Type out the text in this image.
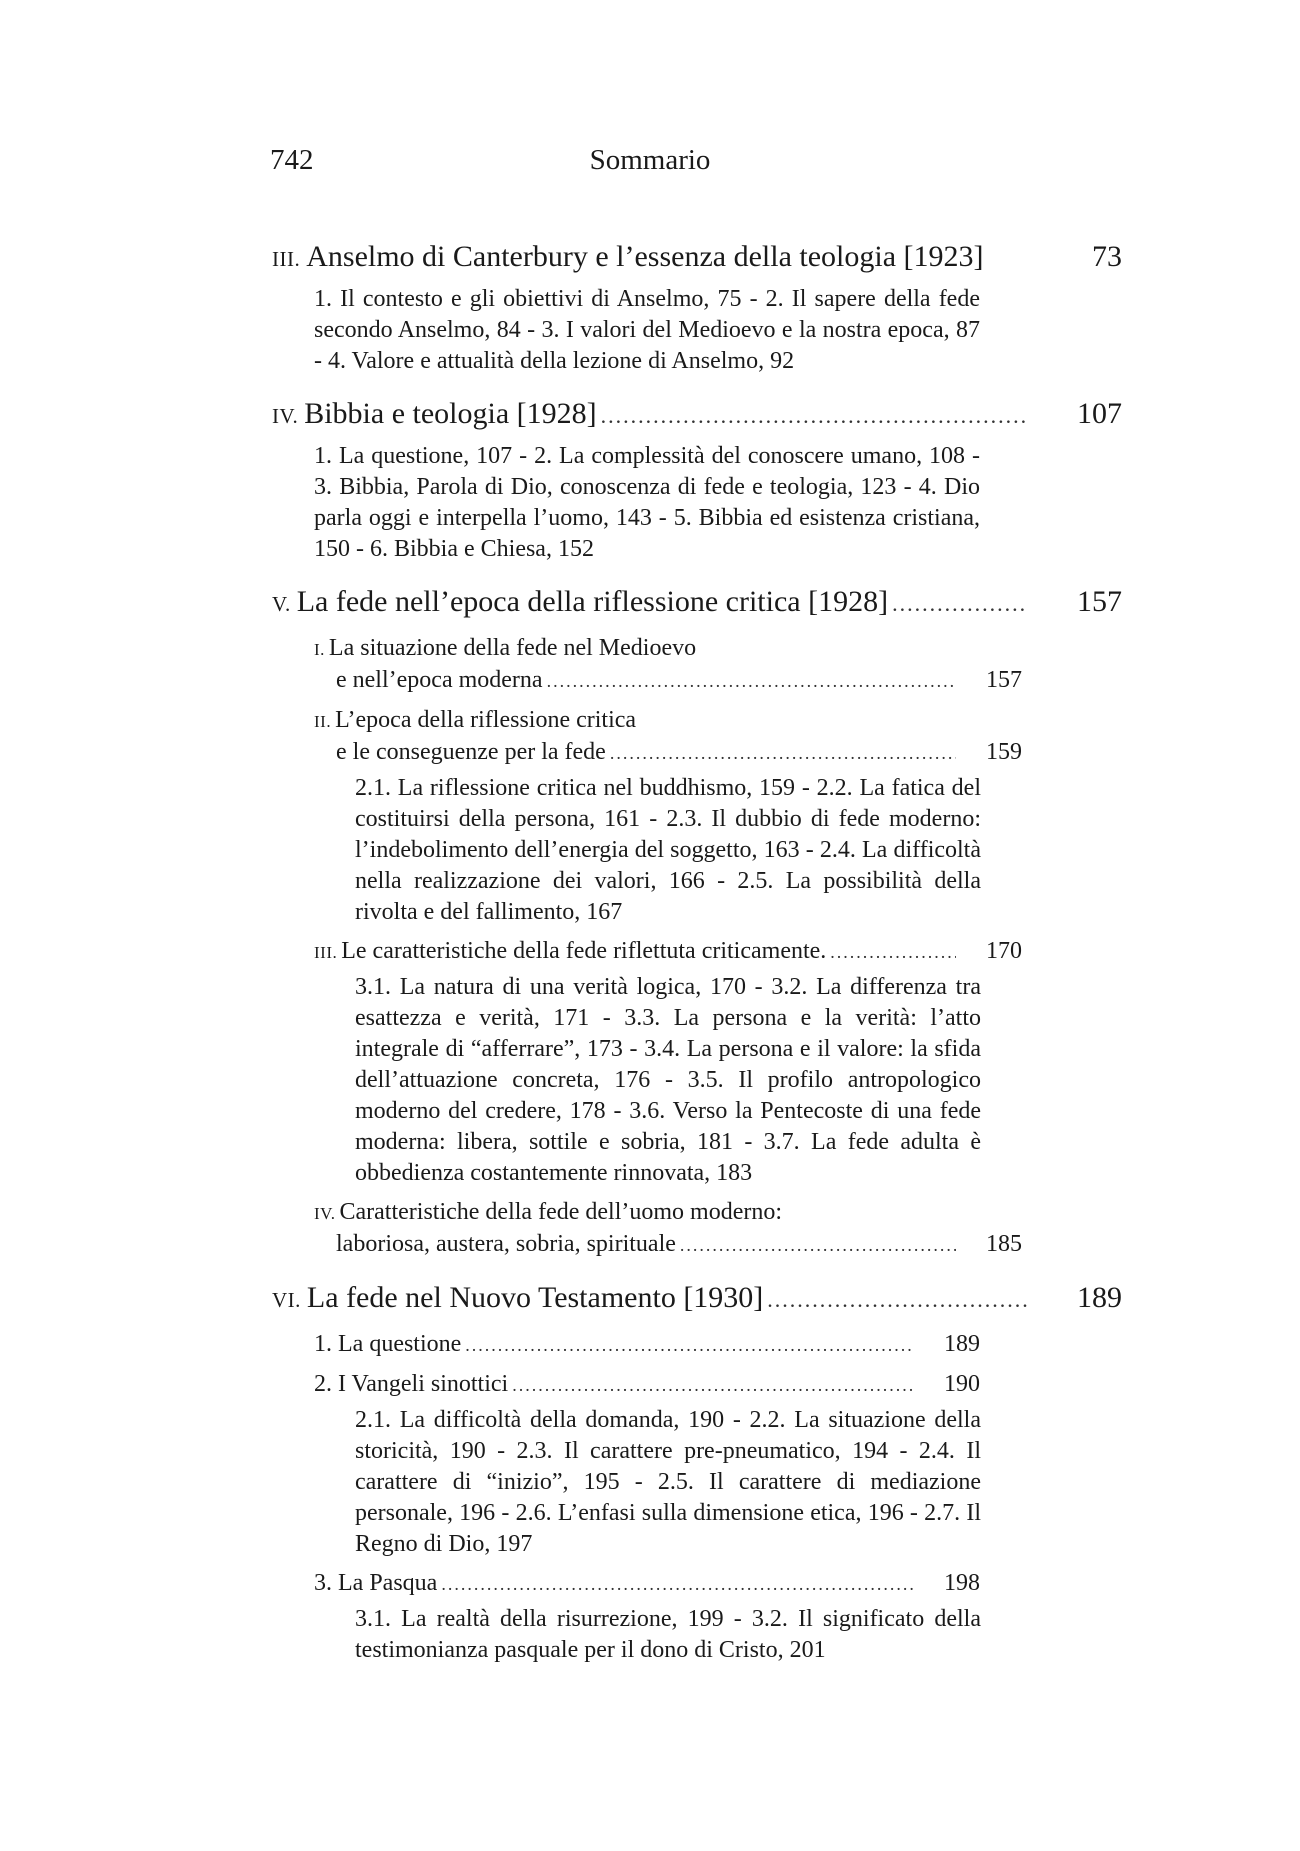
742	Sommario
III. Anselmo di Canterbury e l’essenza della teologia [1923]	73
1. Il contesto e gli obiettivi di Anselmo, 75 - 2. Il sapere della fede secondo Anselmo, 84 - 3. I valori del Medioevo e la nostra epoca, 87 - 4. Valore e attualità della lezione di Anselmo, 92
IV. Bibbia e teologia [1928] .....	107
1. La questione, 107 - 2. La complessità del conoscere umano, 108 - 3. Bibbia, Parola di Dio, conoscenza di fede e teologia, 123 - 4. Dio parla oggi e interpella l’uomo, 143 - 5. Bibbia ed esistenza cristiana, 150 - 6. Bibbia e Chiesa, 152
V. La fede nell’epoca della riflessione critica [1928] .....	157
I. La situazione della fede nel Medioevo
e nell’epoca moderna .....	157
II. L’epoca della riflessione critica
e le conseguenze per la fede .....	159
2.1. La riflessione critica nel buddhismo, 159 - 2.2. La fatica del costituirsi della persona, 161 - 2.3. Il dubbio di fede moderno: l’indebolimento dell’energia del soggetto, 163 - 2.4. La difficoltà nella realizzazione dei valori, 166 - 2.5. La possibilità della rivolta e del fallimento, 167
III. Le caratteristiche della fede riflettuta criticamente. .....	170
3.1. La natura di una verità logica, 170 - 3.2. La differenza tra esattezza e verità, 171 - 3.3. La persona e la verità: l’atto integrale di “afferrare”, 173 - 3.4. La persona e il valore: la sfida dell’attuazione concreta, 176 - 3.5. Il profilo antropologico moderno del credere, 178 - 3.6. Verso la Pentecoste di una fede moderna: libera, sottile e sobria, 181 - 3.7. La fede adulta è obbedienza costantemente rinnovata, 183
IV. Caratteristiche della fede dell’uomo moderno:
laboriosa, austera, sobria, spirituale .....	185
VI. La fede nel Nuovo Testamento [1930] .....	189
1. La questione .....	189
2. I Vangeli sinottici .....	190
2.1. La difficoltà della domanda, 190 - 2.2. La situazione della storicità, 190 - 2.3. Il carattere pre-pneumatico, 194 - 2.4. Il carattere di “inizio”, 195 - 2.5. Il carattere di mediazione personale, 196 - 2.6. L’enfasi sulla dimensione etica, 196 - 2.7. Il Regno di Dio, 197
3. La Pasqua .....	198
3.1. La realtà della risurrezione, 199 - 3.2. Il significato della testimonianza pasquale per il dono di Cristo, 201
